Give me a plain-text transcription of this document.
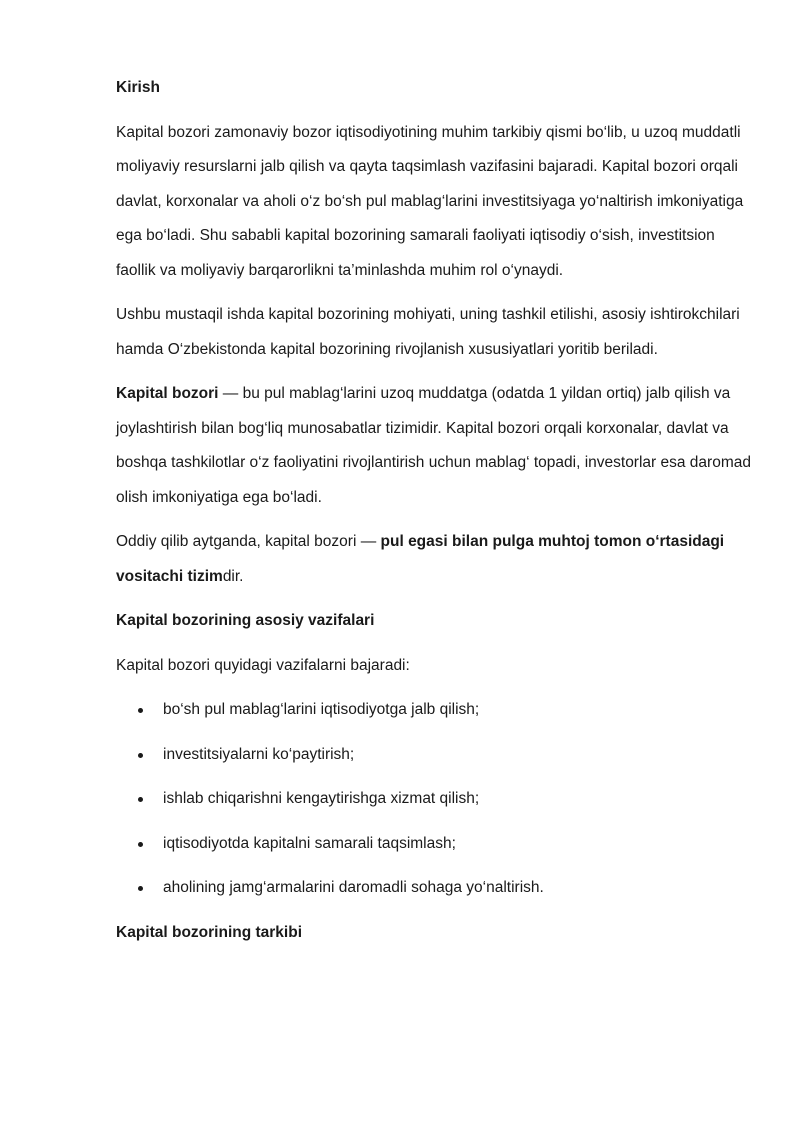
Kirish

Kapital bozori zamonaviy bozor iqtisodiyotining muhim tarkibiy qismi bo‘lib, u uzoq muddatli moliyaviy resurslarni jalb qilish va qayta taqsimlash vazifasini bajaradi. Kapital bozori orqali davlat, korxonalar va aholi o‘z bo‘sh pul mablag‘larini investitsiyaga yo‘naltirish imkoniyatiga ega bo‘ladi. Shu sababli kapital bozorining samarali faoliyati iqtisodiy o‘sish, investitsion faollik va moliyaviy barqarorlikni ta’minlashda muhim rol o‘ynaydi.

Ushbu mustaqil ishda kapital bozorining mohiyati, uning tashkil etilishi, asosiy ishtirokchilari hamda O‘zbekistonda kapital bozorining rivojlanish xususiyatlari yoritib beriladi.

Kapital bozori — bu pul mablag‘larini uzoq muddatga (odatda 1 yildan ortiq) jalb qilish va joylashtirish bilan bog‘liq munosabatlar tizimidir. Kapital bozori orqali korxonalar, davlat va boshqa tashkilotlar o‘z faoliyatini rivojlantirish uchun mablag‘ topadi, investorlar esa daromad olish imkoniyatiga ega bo‘ladi.

Oddiy qilib aytganda, kapital bozori — pul egasi bilan pulga muhtoj tomon o‘rtasidagi vositachi tizimdir.

Kapital bozorining asosiy vazifalari

Kapital bozori quyidagi vazifalarni bajaradi:

bo‘sh pul mablag‘larini iqtisodiyotga jalb qilish;
investitsiyalarni ko‘paytirish;
ishlab chiqarishni kengaytirishga xizmat qilish;
iqtisodiyotda kapitalni samarali taqsimlash;
aholining jamg‘armalarini daromadli sohaga yo‘naltirish.
Kapital bozorining tarkibi
